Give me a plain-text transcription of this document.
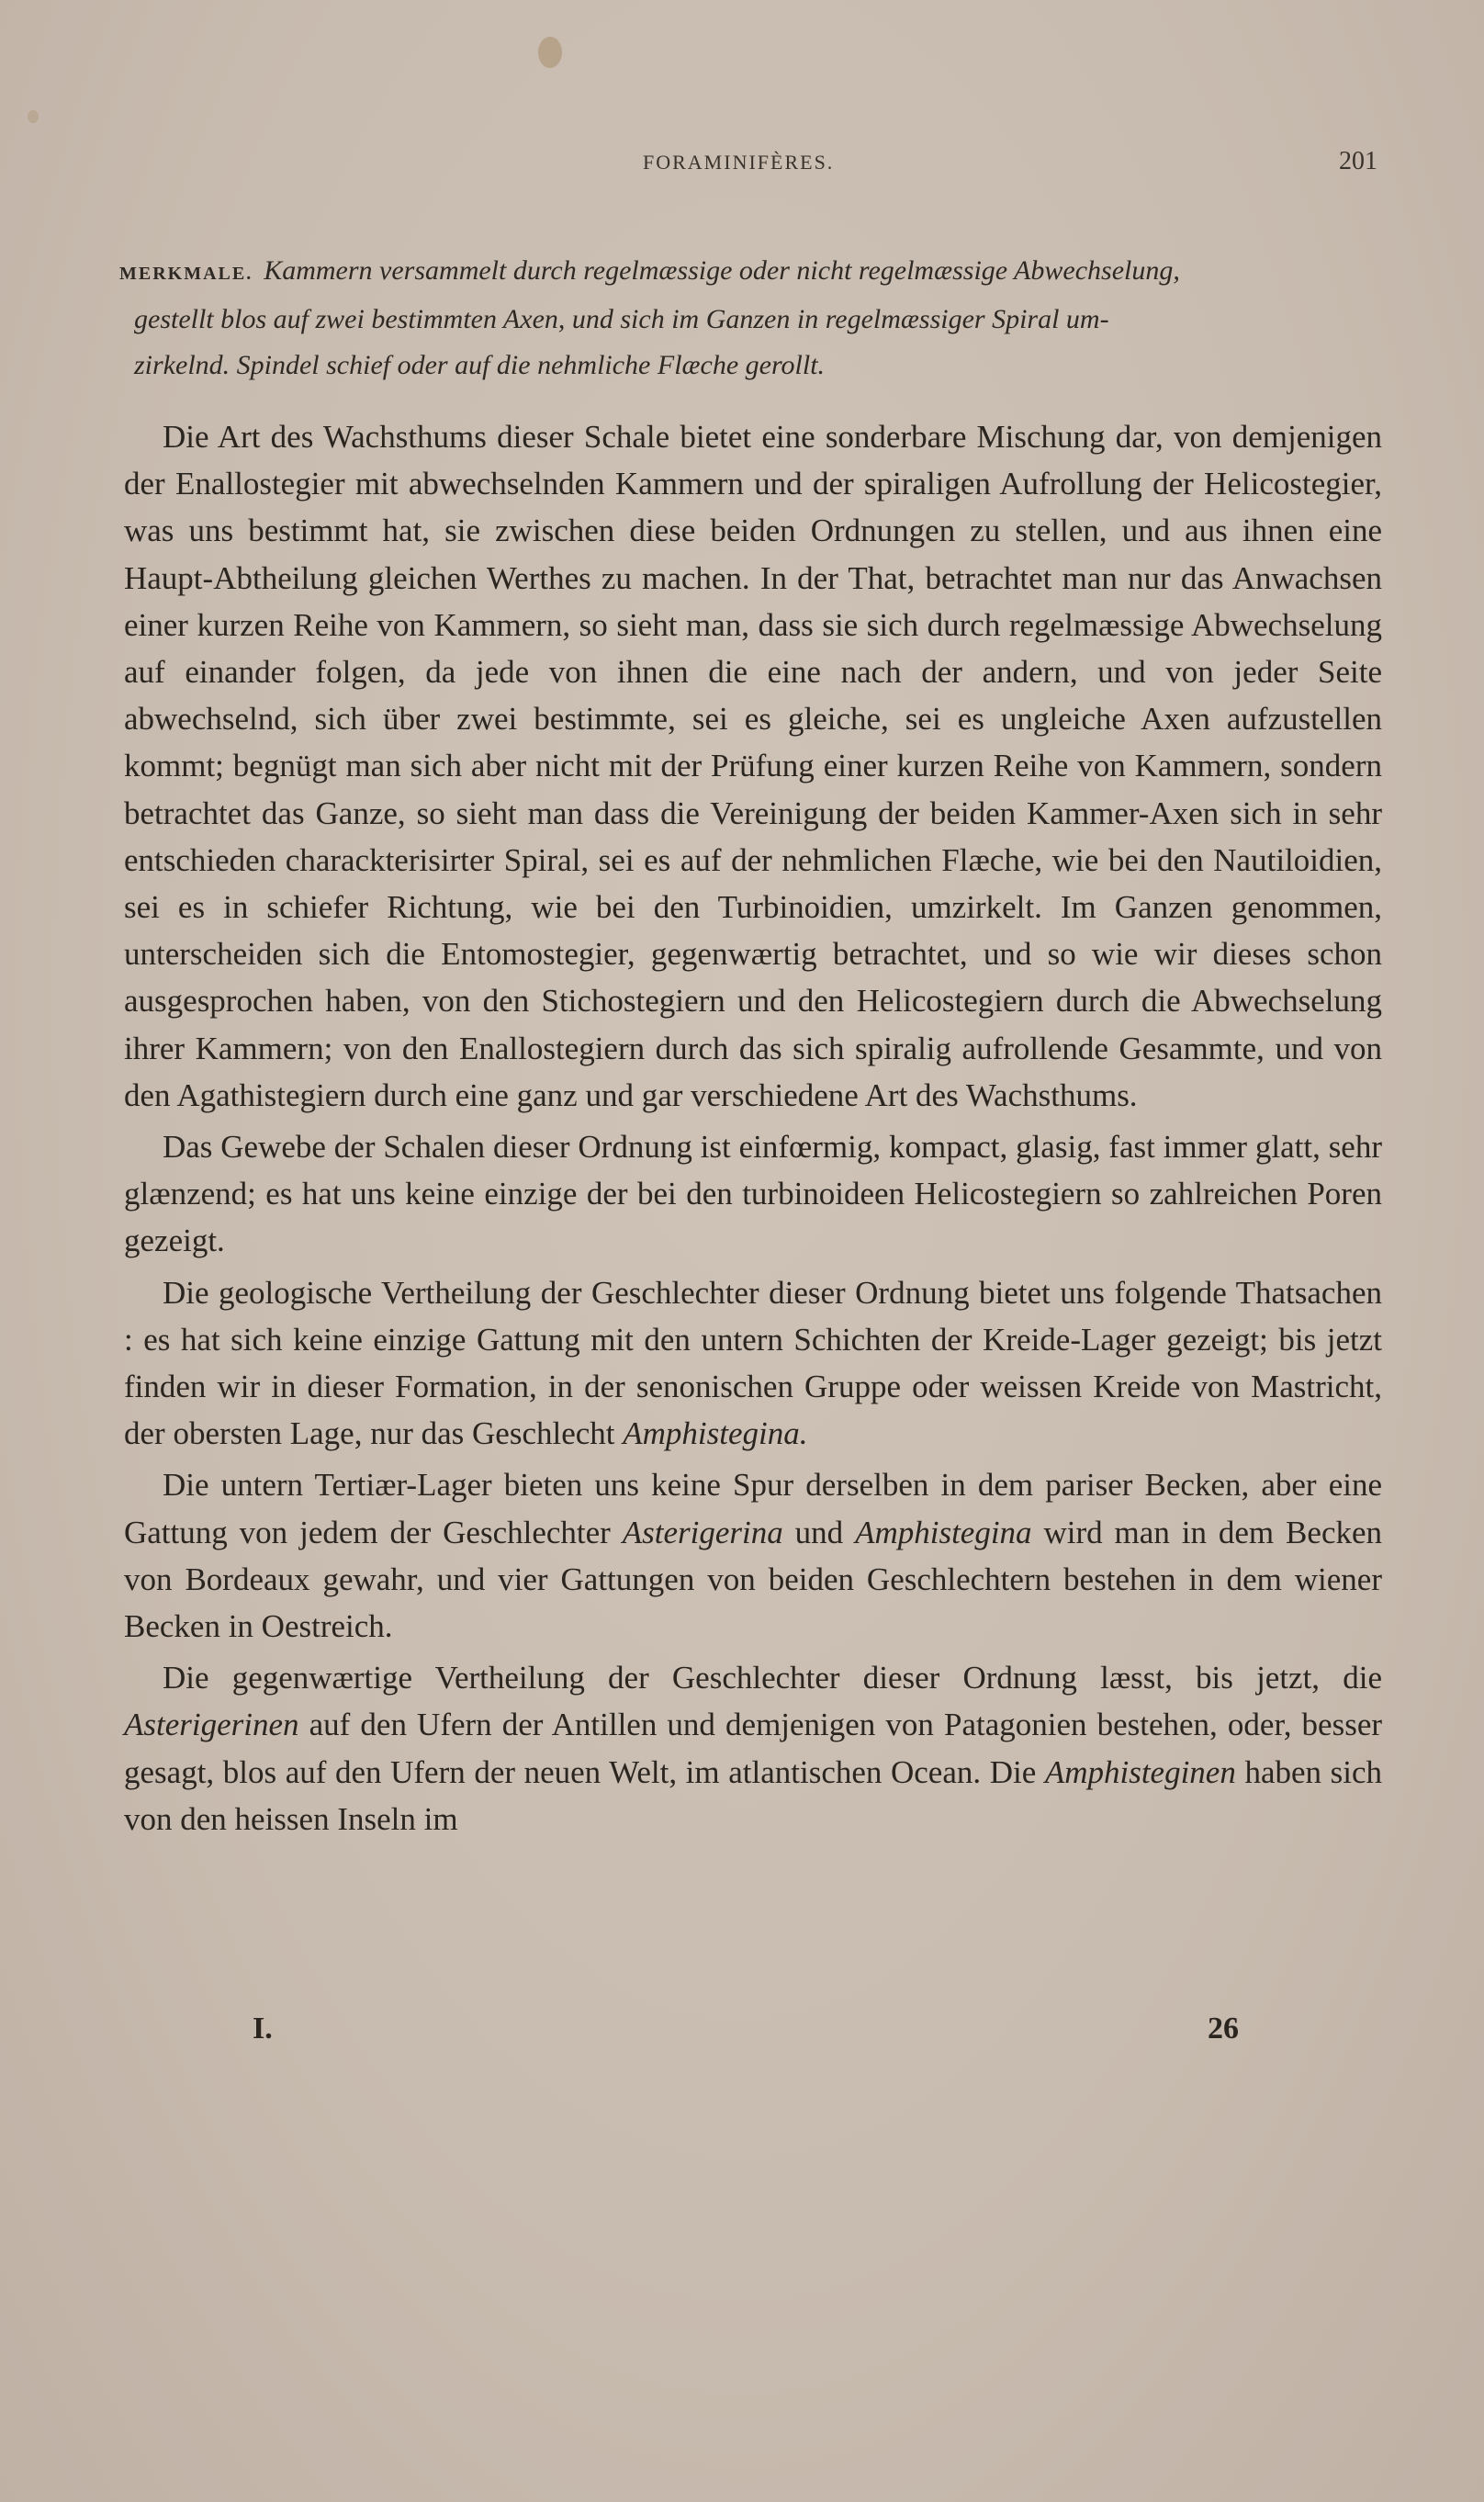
FORAMINIFÈRES.	201
MERKMALE. Kammern versammelt durch regelmæssige oder nicht regelmæssige Abwechselung,
gestellt blos auf zwei bestimmten Axen, und sich im Ganzen in regelmæssiger Spiral um-
zirkelnd. Spindel schief oder auf die nehmliche Flæche gerollt.

Die Art des Wachsthums dieser Schale bietet eine sonderbare Mischung dar, von demjenigen der Enallostegier mit abwechselnden Kammern und der spiraligen Aufrollung der Helicostegier, was uns bestimmt hat, sie zwischen diese beiden Ordnungen zu stellen, und aus ihnen eine Haupt-Abtheilung gleichen Werthes zu machen. In der That, betrachtet man nur das Anwachsen einer kurzen Reihe von Kammern, so sieht man, dass sie sich durch regelmæssige Abwechselung auf einander folgen, da jede von ihnen die eine nach der andern, und von jeder Seite abwechselnd, sich über zwei bestimmte, sei es gleiche, sei es ungleiche Axen aufzustellen kommt; begnügt man sich aber nicht mit der Prüfung einer kurzen Reihe von Kammern, sondern betrachtet das Ganze, so sieht man dass die Vereinigung der beiden Kammer-Axen sich in sehr entschieden charackterisirter Spiral, sei es auf der nehmlichen Flæche, wie bei den Nautiloidien, sei es in schiefer Richtung, wie bei den Turbinoidien, umzirkelt. Im Ganzen genommen, unterscheiden sich die Entomostegier, gegenwærtig betrachtet, und so wie wir dieses schon ausgesprochen haben, von den Stichostegiern und den Helicostegiern durch die Abwechselung ihrer Kammern; von den Enallostegiern durch das sich spiralig aufrollende Gesammte, und von den Agathistegiern durch eine ganz und gar verschiedene Art des Wachsthums.

Das Gewebe der Schalen dieser Ordnung ist einfœrmig, kompact, glasig, fast immer glatt, sehr glænzend; es hat uns keine einzige der bei den turbinoideen Helicostegiern so zahlreichen Poren gezeigt.

Die geologische Vertheilung der Geschlechter dieser Ordnung bietet uns folgende Thatsachen : es hat sich keine einzige Gattung mit den untern Schichten der Kreide-Lager gezeigt; bis jetzt finden wir in dieser Formation, in der senonischen Gruppe oder weissen Kreide von Mastricht, der obersten Lage, nur das Geschlecht Amphistegina.

Die untern Tertiær-Lager bieten uns keine Spur derselben in dem pariser Becken, aber eine Gattung von jedem der Geschlechter Asterigerina und Amphistegina wird man in dem Becken von Bordeaux gewahr, und vier Gattungen von beiden Geschlechtern bestehen in dem wiener Becken in Oestreich.

Die gegenwærtige Vertheilung der Geschlechter dieser Ordnung læsst, bis jetzt, die Asterigerinen auf den Ufern der Antillen und demjenigen von Patagonien bestehen, oder, besser gesagt, blos auf den Ufern der neuen Welt, im atlantischen Ocean. Die Amphisteginen haben sich von den heissen Inseln im

I.	26
